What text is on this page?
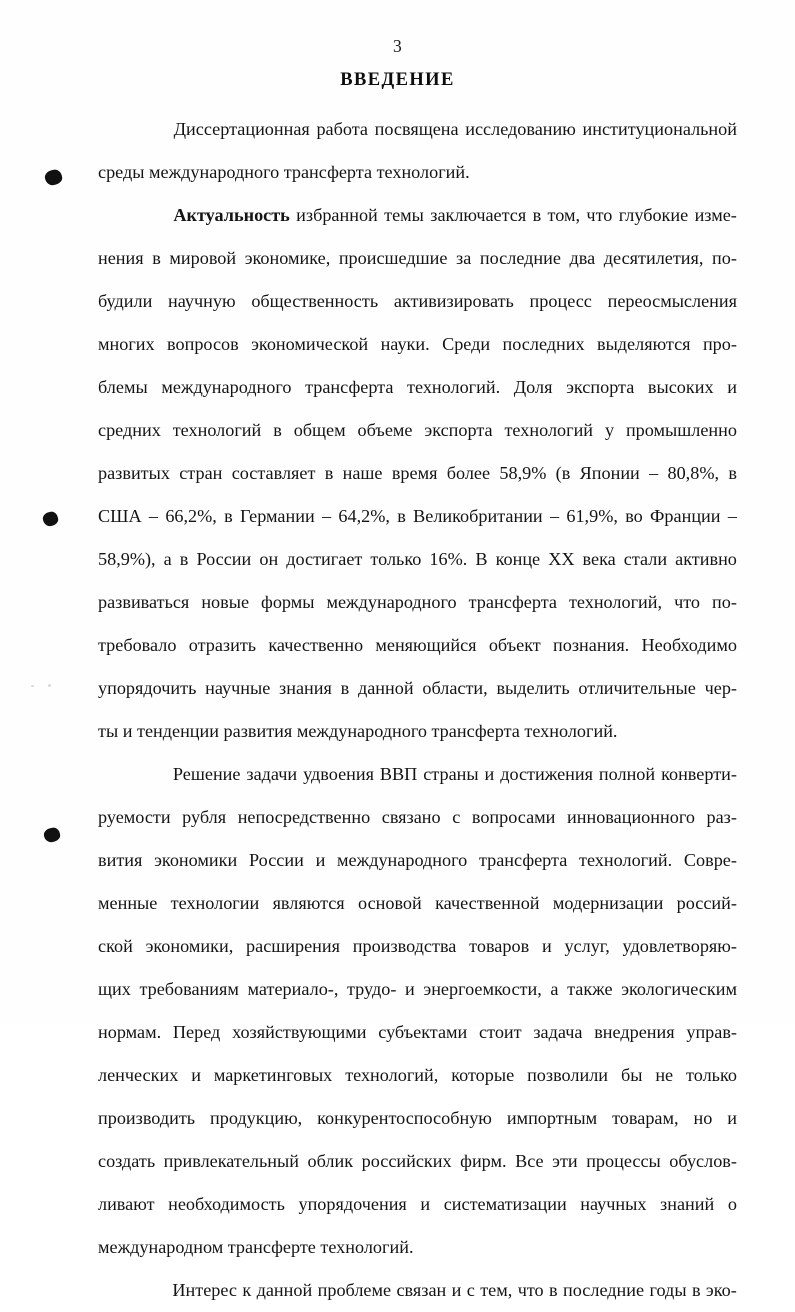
3
ВВЕДЕНИЕ

Диссертационная работа посвящена исследованию институциональной
среды международного трансферта технологий.

Актуальность избранной темы заключается в том, что глубокие изме-
нения в мировой экономике, происшедшие за последние два десятилетия, по-
будили научную общественность активизировать процесс переосмысления
многих вопросов экономической науки. Среди последних выделяются про-
блемы международного трансферта технологий. Доля экспорта высоких и
средних технологий в общем объеме экспорта технологий у промышленно
развитых стран составляет в наше время более 58,9% (в Японии – 80,8%, в
США – 66,2%, в Германии – 64,2%, в Великобритании – 61,9%, во Франции –
58,9%), а в России он достигает только 16%. В конце XX века стали активно
развиваться новые формы международного трансферта технологий, что по-
требовало отразить качественно меняющийся объект познания. Необходимо
упорядочить научные знания в данной области, выделить отличительные чер-
ты и тенденции развития международного трансферта технологий.

Решение задачи удвоения ВВП страны и достижения полной конверти-
руемости рубля непосредственно связано с вопросами инновационного раз-
вития экономики России и международного трансферта технологий. Совре-
менные технологии являются основой качественной модернизации россий-
ской экономики, расширения производства товаров и услуг, удовлетворяю-
щих требованиям материало-, трудо- и энергоемкости, а также экологическим
нормам. Перед хозяйствующими субъектами стоит задача внедрения управ-
ленческих и маркетинговых технологий, которые позволили бы не только
производить продукцию, конкурентоспособную импортным товарам, но и
создать привлекательный облик российских фирм. Все эти процессы обуслов-
ливают необходимость упорядочения и систематизации научных знаний о
международном трансферте технологий.

Интерес к данной проблеме связан и с тем, что в последние годы в эко-
